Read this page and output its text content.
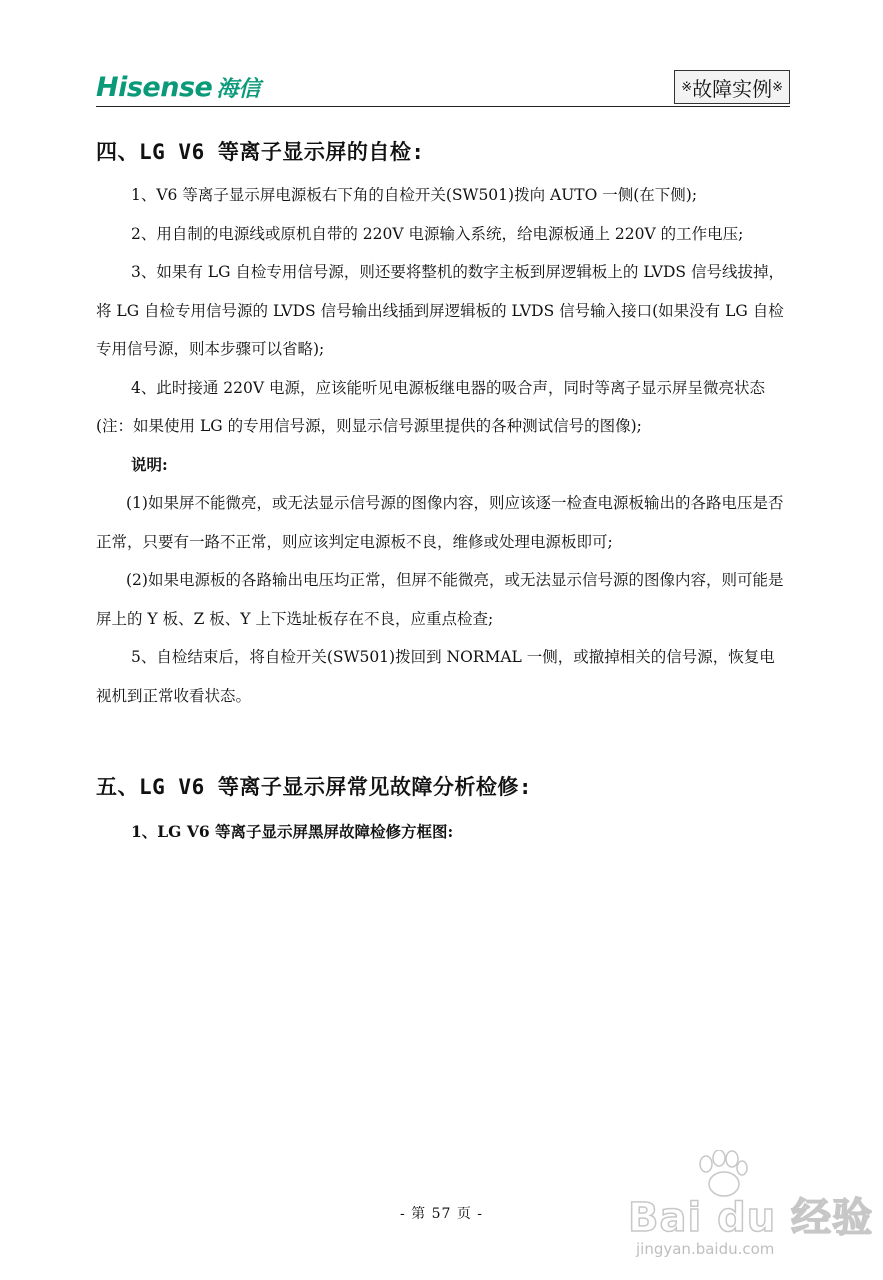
Hisense 海信	※ 故障实例 ※
四、LG V6 等离子显示屏的自检:

1、V6 等离子显示屏电源板右下角的自检开关(SW501)拨向 AUTO 一侧(在下侧);

2、用自制的电源线或原机自带的 220V 电源输入系统，给电源板通上 220V 的工作电压;

3、如果有 LG 自检专用信号源，则还要将整机的数字主板到屏逻辑板上的 LVDS 信号线拔掉，将 LG 自检专用信号源的 LVDS 信号输出线插到屏逻辑板的 LVDS 信号输入接口(如果没有 LG 自检专用信号源，则本步骤可以省略);

4、此时接通 220V 电源，应该能听见电源板继电器的吸合声，同时等离子显示屏呈微亮状态(注：如果使用 LG 的专用信号源，则显示信号源里提供的各种测试信号的图像);

说明:

(1)如果屏不能微亮，或无法显示信号源的图像内容，则应该逐一检查电源板输出的各路电压是否正常，只要有一路不正常，则应该判定电源板不良，维修或处理电源板即可;

(2)如果电源板的各路输出电压均正常，但屏不能微亮，或无法显示信号源的图像内容，则可能是屏上的 Y 板、Z 板、Y 上下选址板存在不良，应重点检查;

5、自检结束后，将自检开关(SW501)拨回到 NORMAL 一侧，或撤掉相关的信号源，恢复电视机到正常收看状态。

五、LG V6 等离子显示屏常见故障分析检修:

1、LG V6 等离子显示屏黑屏故障检修方框图:

- 第 57 页 -	Bai du 经验
jingyan.baidu.com
